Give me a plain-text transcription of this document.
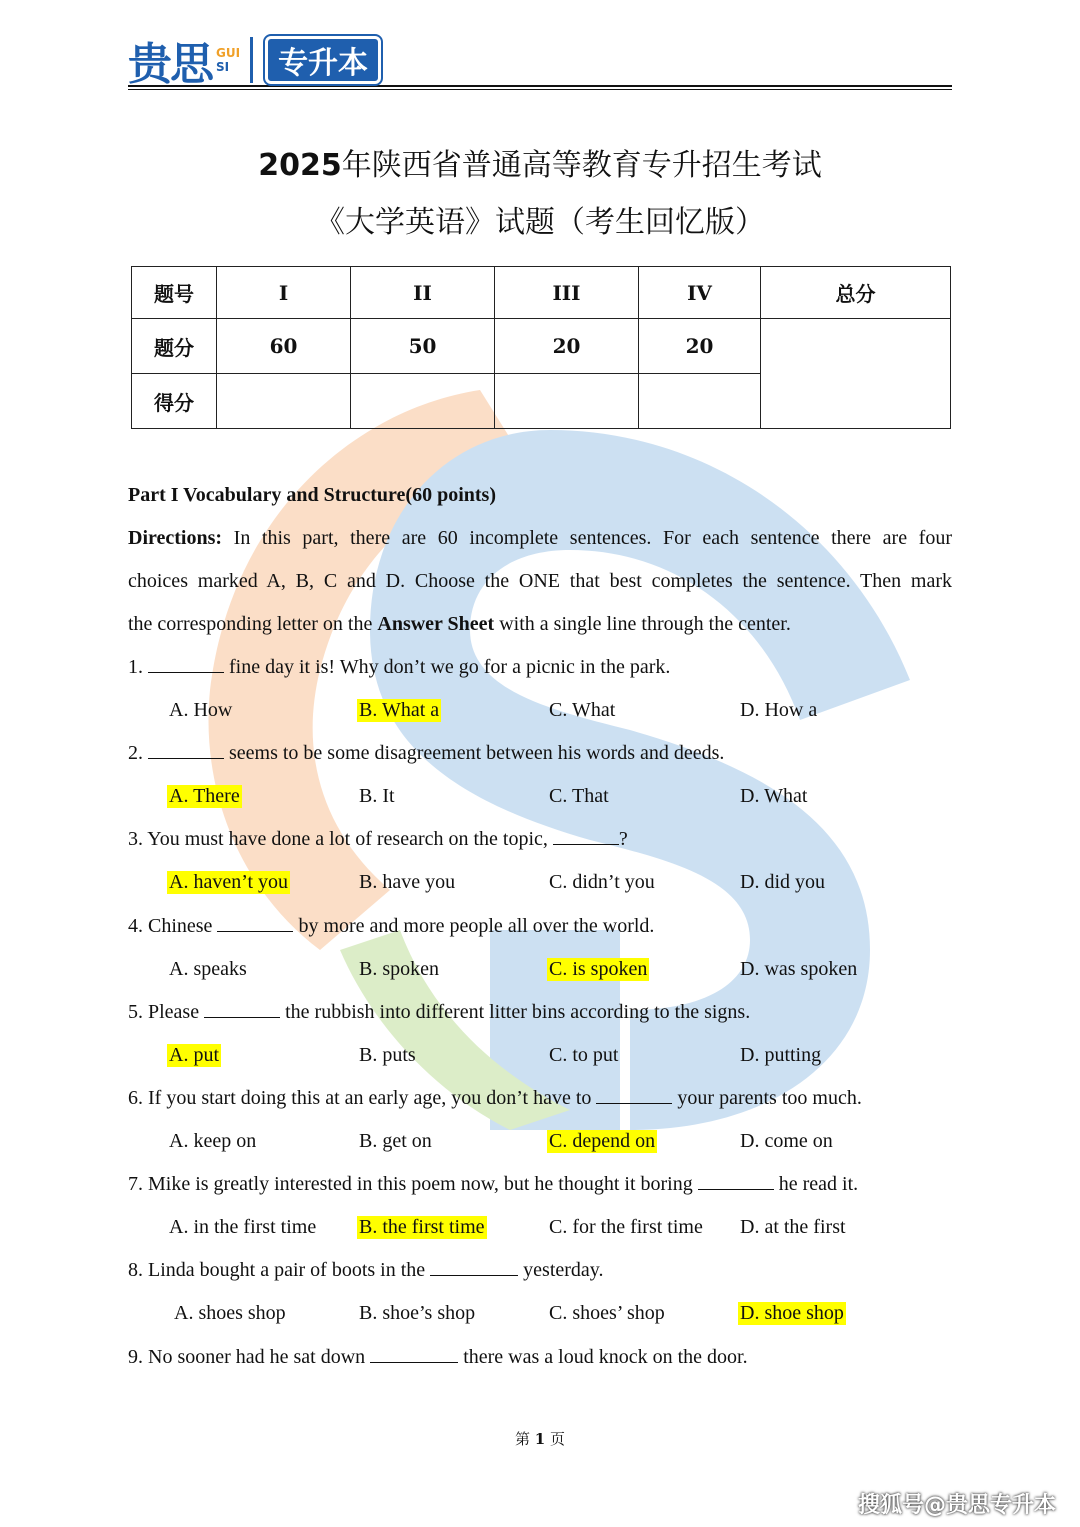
贵思 GUI
SI	专升本
2025年陕西省普通高等教育专升招生考试
《大学英语》试题（考生回忆版）
题号	I	II	III	IV	总分
题分	60	50	20	20	
得分					
Part I Vocabulary and Structure(60 points)
Directions: In this part, there are 60 incomplete sentences. For each sentence there are four
choices marked A, B, C and D. Choose the ONE that best completes the sentence. Then mark
the corresponding letter on the Answer Sheet with a single line through the center.
1.	fine day it is! Why don’t we go for a picnic in the park.
A. How	B. What a	C. What	D. How a
2.	seems to be some disagreement between his words and deeds.
A. There	B. It	C. That	D. What
3. You must have done a lot of research on the topic,	?
A. haven’t you	B. have you	C. didn’t you	D. did you
4. Chinese	by more and more people all over the world.
A. speaks	B. spoken	C. is spoken	D. was spoken
5. Please	the rubbish into different litter bins according to the signs.
A. put	B. puts	C. to put	D. putting
6. If you start doing this at an early age, you don’t have to	your parents too much.
A. keep on	B. get on	C. depend on	D. come on
7. Mike is greatly interested in this poem now, but he thought it boring	he read it.
A. in the first time B. the first time	C. for the first time D. at the first
8. Linda bought a pair of boots in the	yesterday.
A. shoes shop	B. shoe’s shop	C. shoes’ shop	D. shoe shop
9. No sooner had he sat down	there was a loud knock on the door.
第 1 页
搜狐号@贵思专升本
